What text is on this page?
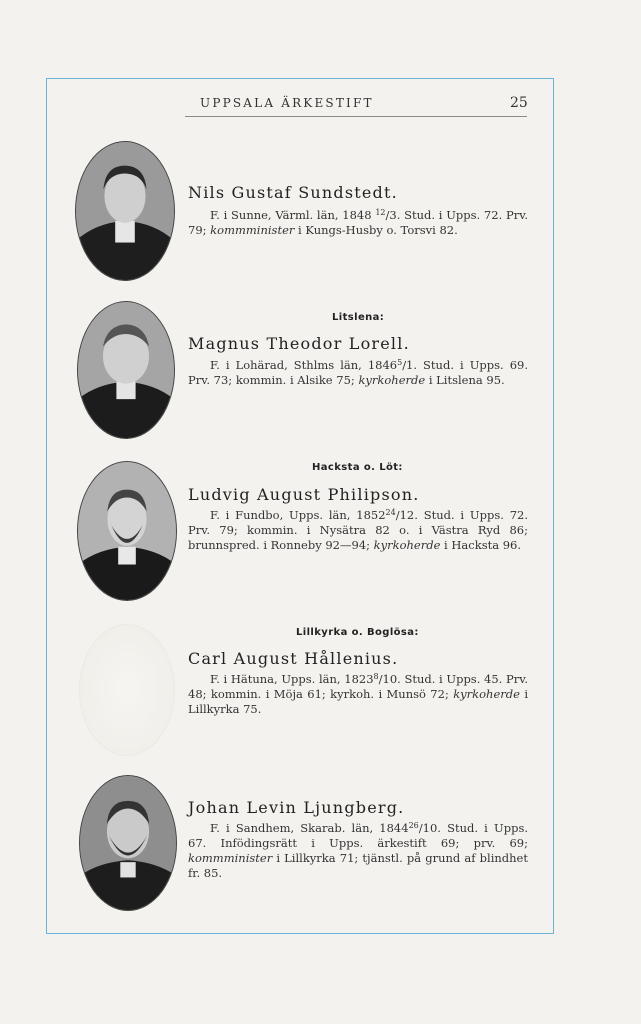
UPPSALA ÄRKESTIFT	25
Nils Gustaf Sundstedt.
F. i Sunne, Värml. län, 1848 $^{12}$/3. Stud. i Upps. 72. Prv. 79; kommminister i Kungs-Husby o. Torsvi 82.
Litslena:
Magnus Theodor Lorell.
F. i Lohärad, Sthlms län, 1846$^5$/1. Stud. i Upps. 69. Prv. 73; kommin. i Alsike 75; kyrkoherde i Litslena 95.
Hacksta o. Löt:
Ludvig August Philipson.
F. i Fundbo, Upps. län, 1852$^{24}$/12. Stud. i Upps. 72. Prv. 79; kommin. i Nysätra 82 o. i Västra Ryd 86; brunnspred. i Ronneby 92—94; kyrkoherde i Hacksta 96.
Lillkyrka o. Boglösa:
Carl August Hållenius.
F. i Hätuna, Upps. län, 1823$^8$/10. Stud. i Upps. 45. Prv. 48; kommin. i Möja 61; kyrkoh. i Munsö 72; kyrkoherde i Lillkyrka 75.
Johan Levin Ljungberg.
F. i Sandhem, Skarab. län, 1844$^{26}$/10. Stud. i Upps. 67. Infödingsrätt i Upps. ärkestift 69; prv. 69; kommminister i Lillkyrka 71; tjänstl. på grund af blindhet fr. 85.
